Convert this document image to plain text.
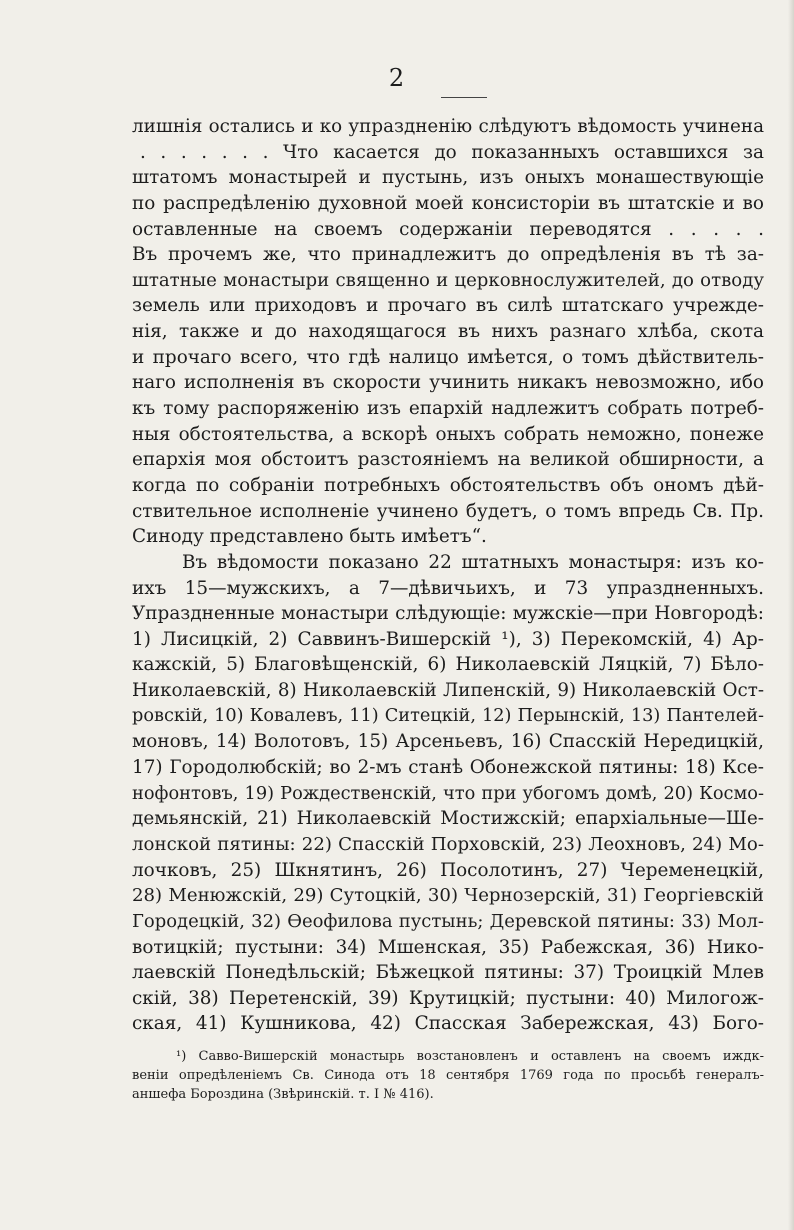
2
лишнія остались и ко упраздненію слѣдуютъ вѣдомость учинена
. . . . . . . Что касается до показанныхъ оставшихся за
штатомъ монастырей и пустынь, изъ оныхъ монашествующіе
по распредѣленію духовной моей консисторіи въ штатскіе и во
оставленные на своемъ содержаніи переводятся . . . . .
Въ прочемъ же, что принадлежитъ до опредѣленія въ тѣ за-
штатные монастыри священно и церковнослужителей, до отводу
земель или приходовъ и прочаго въ силѣ штатскаго учрежде-
нія, также и до находящагося въ нихъ разнаго хлѣба, скота
и прочаго всего, что гдѣ налицо имѣется, о томъ дѣйствитель-
наго исполненія въ скорости учинить никакъ невозможно, ибо
къ тому распоряженію изъ епархій надлежитъ собрать потреб-
ныя обстоятельства, а вскорѣ оныхъ собрать неможно, понеже
епархія моя обстоитъ разстояніемъ на великой обширности, а
когда по собраніи потребныхъ обстоятельствъ объ ономъ дѣй-
ствительное исполненіе учинено будетъ, о томъ впредь Св. Пр.
Синоду представлено быть имѣетъ“.
Въ вѣдомости показано 22 штатныхъ монастыря: изъ ко-
ихъ 15—мужскихъ, а 7—дѣвичьихъ, и 73 упраздненныхъ.
Упраздненные монастыри слѣдующіе: мужскіе—при Новгородѣ:
1) Лисицкій, 2) Саввинъ-Вишерскій ¹), 3) Перекомскій, 4) Ар-
кажскій, 5) Благовѣщенскій, 6) Николаевскій Ляцкій, 7) Бѣло-
Николаевскій, 8) Николаевскій Липенскій, 9) Николаевскій Ост-
ровскій, 10) Ковалевъ, 11) Ситецкій, 12) Перынскій, 13) Пантелей-
моновъ, 14) Волотовъ, 15) Арсеньевъ, 16) Спасскій Нередицкій,
17) Городолюбскій; во 2-мъ станѣ Обонежской пятины: 18) Ксе-
нофонтовъ, 19) Рождественскій, что при убогомъ домѣ, 20) Космо-
демьянскій, 21) Николаевскій Мостижскій; епархіальные—Ше-
лонской пятины: 22) Спасскій Порховскій, 23) Леохновъ, 24) Мо-
лочковъ, 25) Шкнятинъ, 26) Посолотинъ, 27) Череменецкій,
28) Менюжскій, 29) Сутоцкій, 30) Чернозерскій, 31) Георгіевскій
Городецкій, 32) Ѳеофилова пустынь; Деревской пятины: 33) Мол-
вотицкій; пустыни: 34) Мшенская, 35) Рабежская, 36) Нико-
лаевскій Понедѣльскій; Бѣжецкой пятины: 37) Троицкій Млев
скій, 38) Перетенскій, 39) Крутицкій; пустыни: 40) Милогож-
ская, 41) Кушникова, 42) Спасская Забережская, 43) Бого-
¹) Савво-Вишерскій монастырь возстановленъ и оставленъ на своемъ иждк-
веніи опредѣленіемъ Св. Синода отъ 18 сентября 1769 года по просьбѣ генералъ-
аншефа Бороздина (Звѣринскій. т. I № 416).
